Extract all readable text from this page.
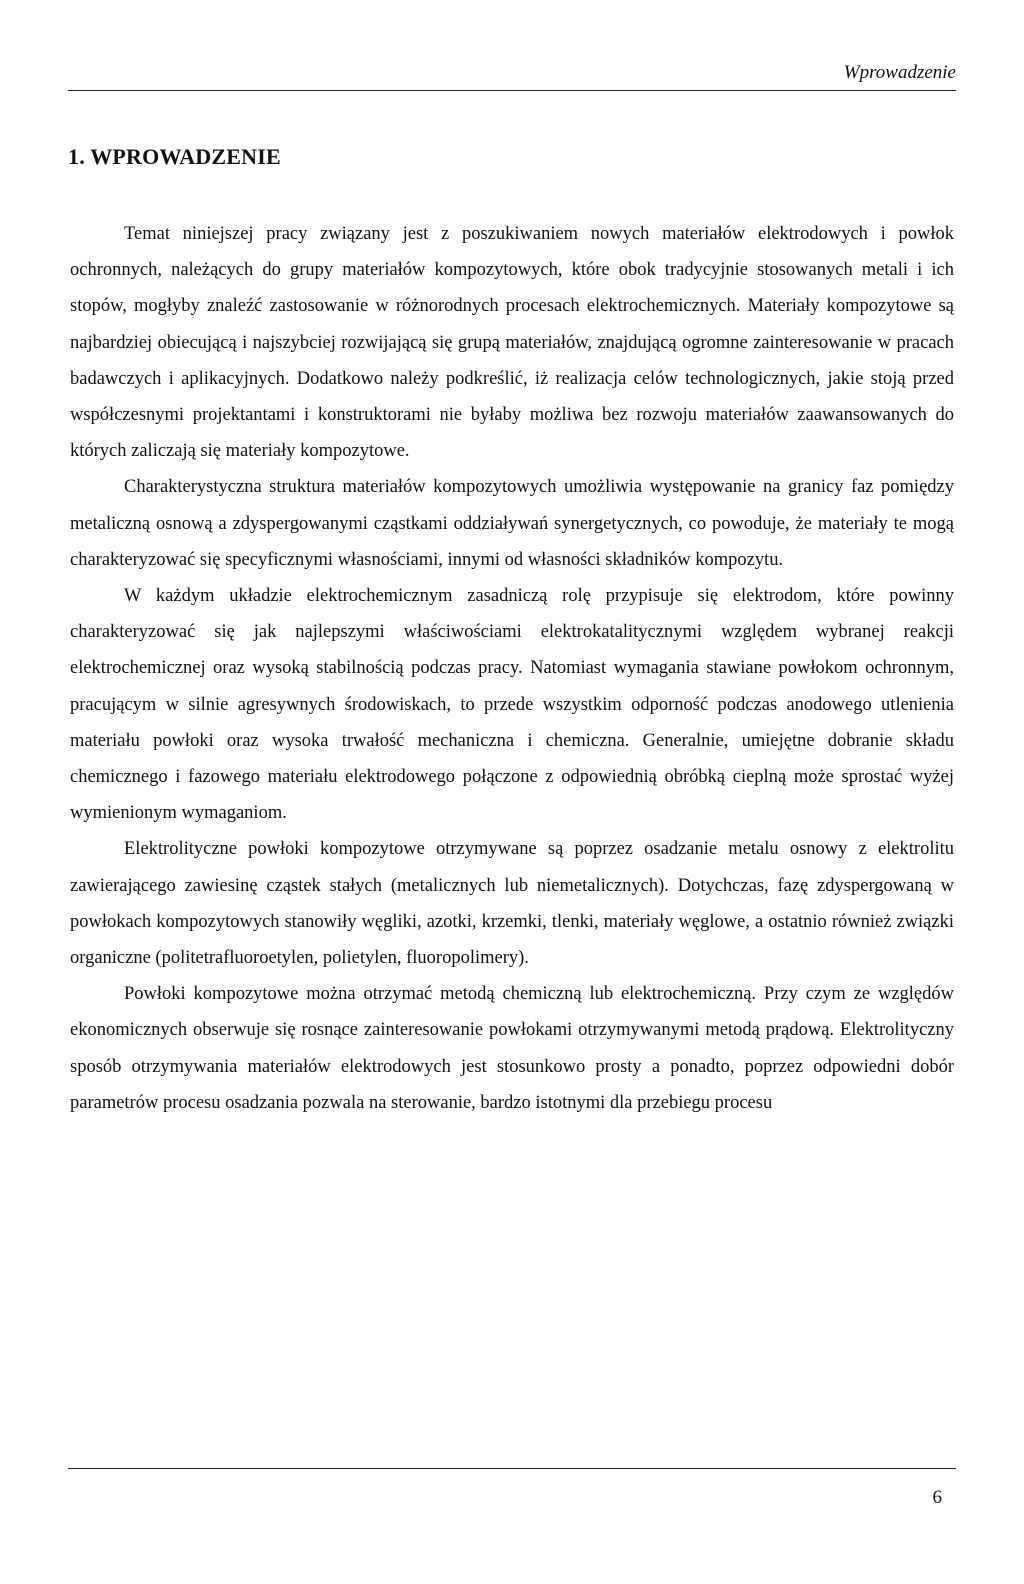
Wprowadzenie
1. WPROWADZENIE

Temat niniejszej pracy związany jest z poszukiwaniem nowych materiałów elektrodowych i powłok ochronnych, należących do grupy materiałów kompozytowych, które obok tradycyjnie stosowanych metali i ich stopów, mogłyby znaleźć zastosowanie w różnorodnych procesach elektrochemicznych. Materiały kompozytowe są najbardziej obiecującą i najszybciej rozwijającą się grupą materiałów, znajdującą ogromne zainteresowanie w pracach badawczych i aplikacyjnych. Dodatkowo należy podkreślić, iż realizacja celów technologicznych, jakie stoją przed współczesnymi projektantami i konstruktorami nie byłaby możliwa bez rozwoju materiałów zaawansowanych do których zaliczają się materiały kompozytowe.

Charakterystyczna struktura materiałów kompozytowych umożliwia występowanie na granicy faz pomiędzy metaliczną osnową a zdyspergowanymi cząstkami oddziaływań synergetycznych, co powoduje, że materiały te mogą charakteryzować się specyficznymi własnościami, innymi od własności składników kompozytu.

W każdym układzie elektrochemicznym zasadniczą rolę przypisuje się elektrodom, które powinny charakteryzować się jak najlepszymi właściwościami elektrokatalitycznymi względem wybranej reakcji elektrochemicznej oraz wysoką stabilnością podczas pracy. Natomiast wymagania stawiane powłokom ochronnym, pracującym w silnie agresywnych środowiskach, to przede wszystkim odporność podczas anodowego utlenienia materiału powłoki oraz wysoka trwałość mechaniczna i chemiczna. Generalnie, umiejętne dobranie składu chemicznego i fazowego materiału elektrodowego połączone z odpowiednią obróbką cieplną może sprostać wyżej wymienionym wymaganiom.

Elektrolityczne powłoki kompozytowe otrzymywane są poprzez osadzanie metalu osnowy z elektrolitu zawierającego zawiesinę cząstek stałych (metalicznych lub niemetalicznych). Dotychczas, fazę zdyspergowaną w powłokach kompozytowych stanowiły węgliki, azotki, krzemki, tlenki, materiały węglowe, a ostatnio również związki organiczne (politetrafluoroetylen, polietylen, fluoropolimery).

Powłoki kompozytowe można otrzymać metodą chemiczną lub elektrochemiczną. Przy czym ze względów ekonomicznych obserwuje się rosnące zainteresowanie powłokami otrzymywanymi metodą prądową. Elektrolityczny sposób otrzymywania materiałów elektrodowych jest stosunkowo prosty a ponadto, poprzez odpowiedni dobór parametrów procesu osadzania pozwala na sterowanie, bardzo istotnymi dla przebiegu procesu

6
